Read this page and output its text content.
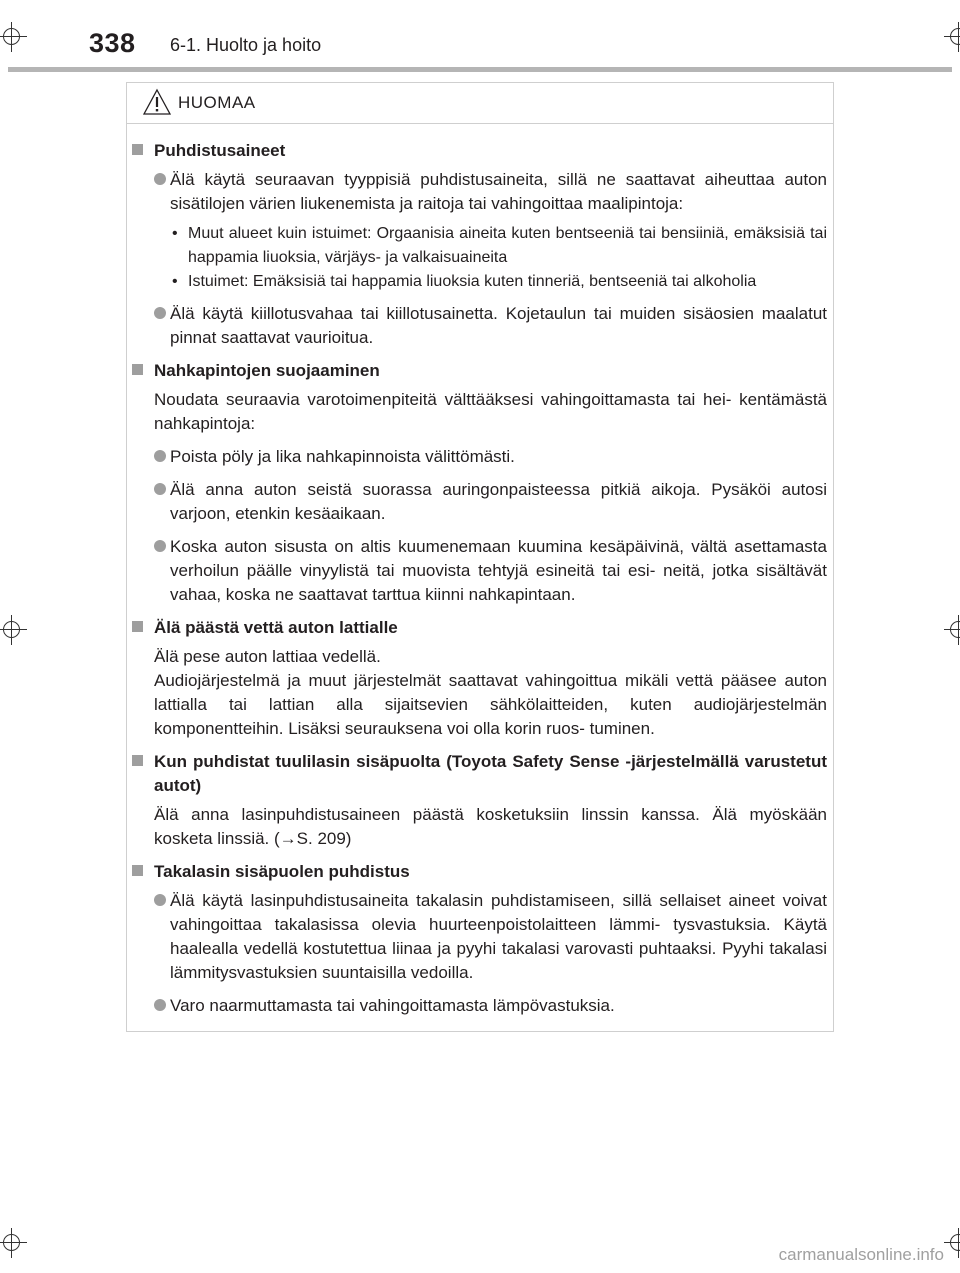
338 6-1. Huolto ja hoito
HUOMAA
Puhdistusaineet
Älä käytä seuraavan tyyppisiä puhdistusaineita, sillä ne saattavat aiheuttaa auton sisätilojen värien liukenemista ja raitoja tai vahingoittaa maalipintoja:
• Muut alueet kuin istuimet: Orgaanisia aineita kuten bentseeniä tai bensiiniä, emäksisiä tai happamia liuoksia, värjäys- ja valkaisuaineita
• Istuimet: Emäksisiä tai happamia liuoksia kuten tinneriä, bentseeniä tai alkoholia
Älä käytä kiillotusvahaa tai kiillotusainetta. Kojetaulun tai muiden sisäosien maalatut pinnat saattavat vaurioitua.
Nahkapintojen suojaaminen
Noudata seuraavia varotoimenpiteitä välttääksesi vahingoittamasta tai hei- kentämästä nahkapintoja:
Poista pöly ja lika nahkapinnoista välittömästi.
Älä anna auton seistä suorassa auringonpaisteessa pitkiä aikoja. Pysäköi autosi varjoon, etenkin kesäaikaan.
Koska auton sisusta on altis kuumenemaan kuumina kesäpäivinä, vältä asettamasta verhoilun päälle vinyylistä tai muovista tehtyjä esineitä tai esi- neitä, jotka sisältävät vahaa, koska ne saattavat tarttua kiinni nahkapintaan.
Älä päästä vettä auton lattialle
Älä pese auton lattiaa vedellä.
Audiojärjestelmä ja muut järjestelmät saattavat vahingoittua mikäli vettä pääsee auton lattialla tai lattian alla sijaitsevien sähkölaitteiden, kuten audiojärjestelmän komponentteihin. Lisäksi seurauksena voi olla korin ruos- tuminen.
Kun puhdistat tuulilasin sisäpuolta (Toyota Safety Sense -järjestelmällä varustetut autot)
Älä anna lasinpuhdistusaineen päästä kosketuksiin linssin kanssa. Älä myöskään kosketa linssiä. (→S. 209)
Takalasin sisäpuolen puhdistus
Älä käytä lasinpuhdistusaineita takalasin puhdistamiseen, sillä sellaiset aineet voivat vahingoittaa takalasissa olevia huurteenpoistolaitteen lämmi- tysvastuksia. Käytä haalealla vedellä kostutettua liinaa ja pyyhi takalasi varovasti puhtaaksi. Pyyhi takalasi lämmitysvastuksien suuntaisilla vedoilla.
Varo naarmuttamasta tai vahingoittamasta lämpövastuksia.
carmanualsonline.info
